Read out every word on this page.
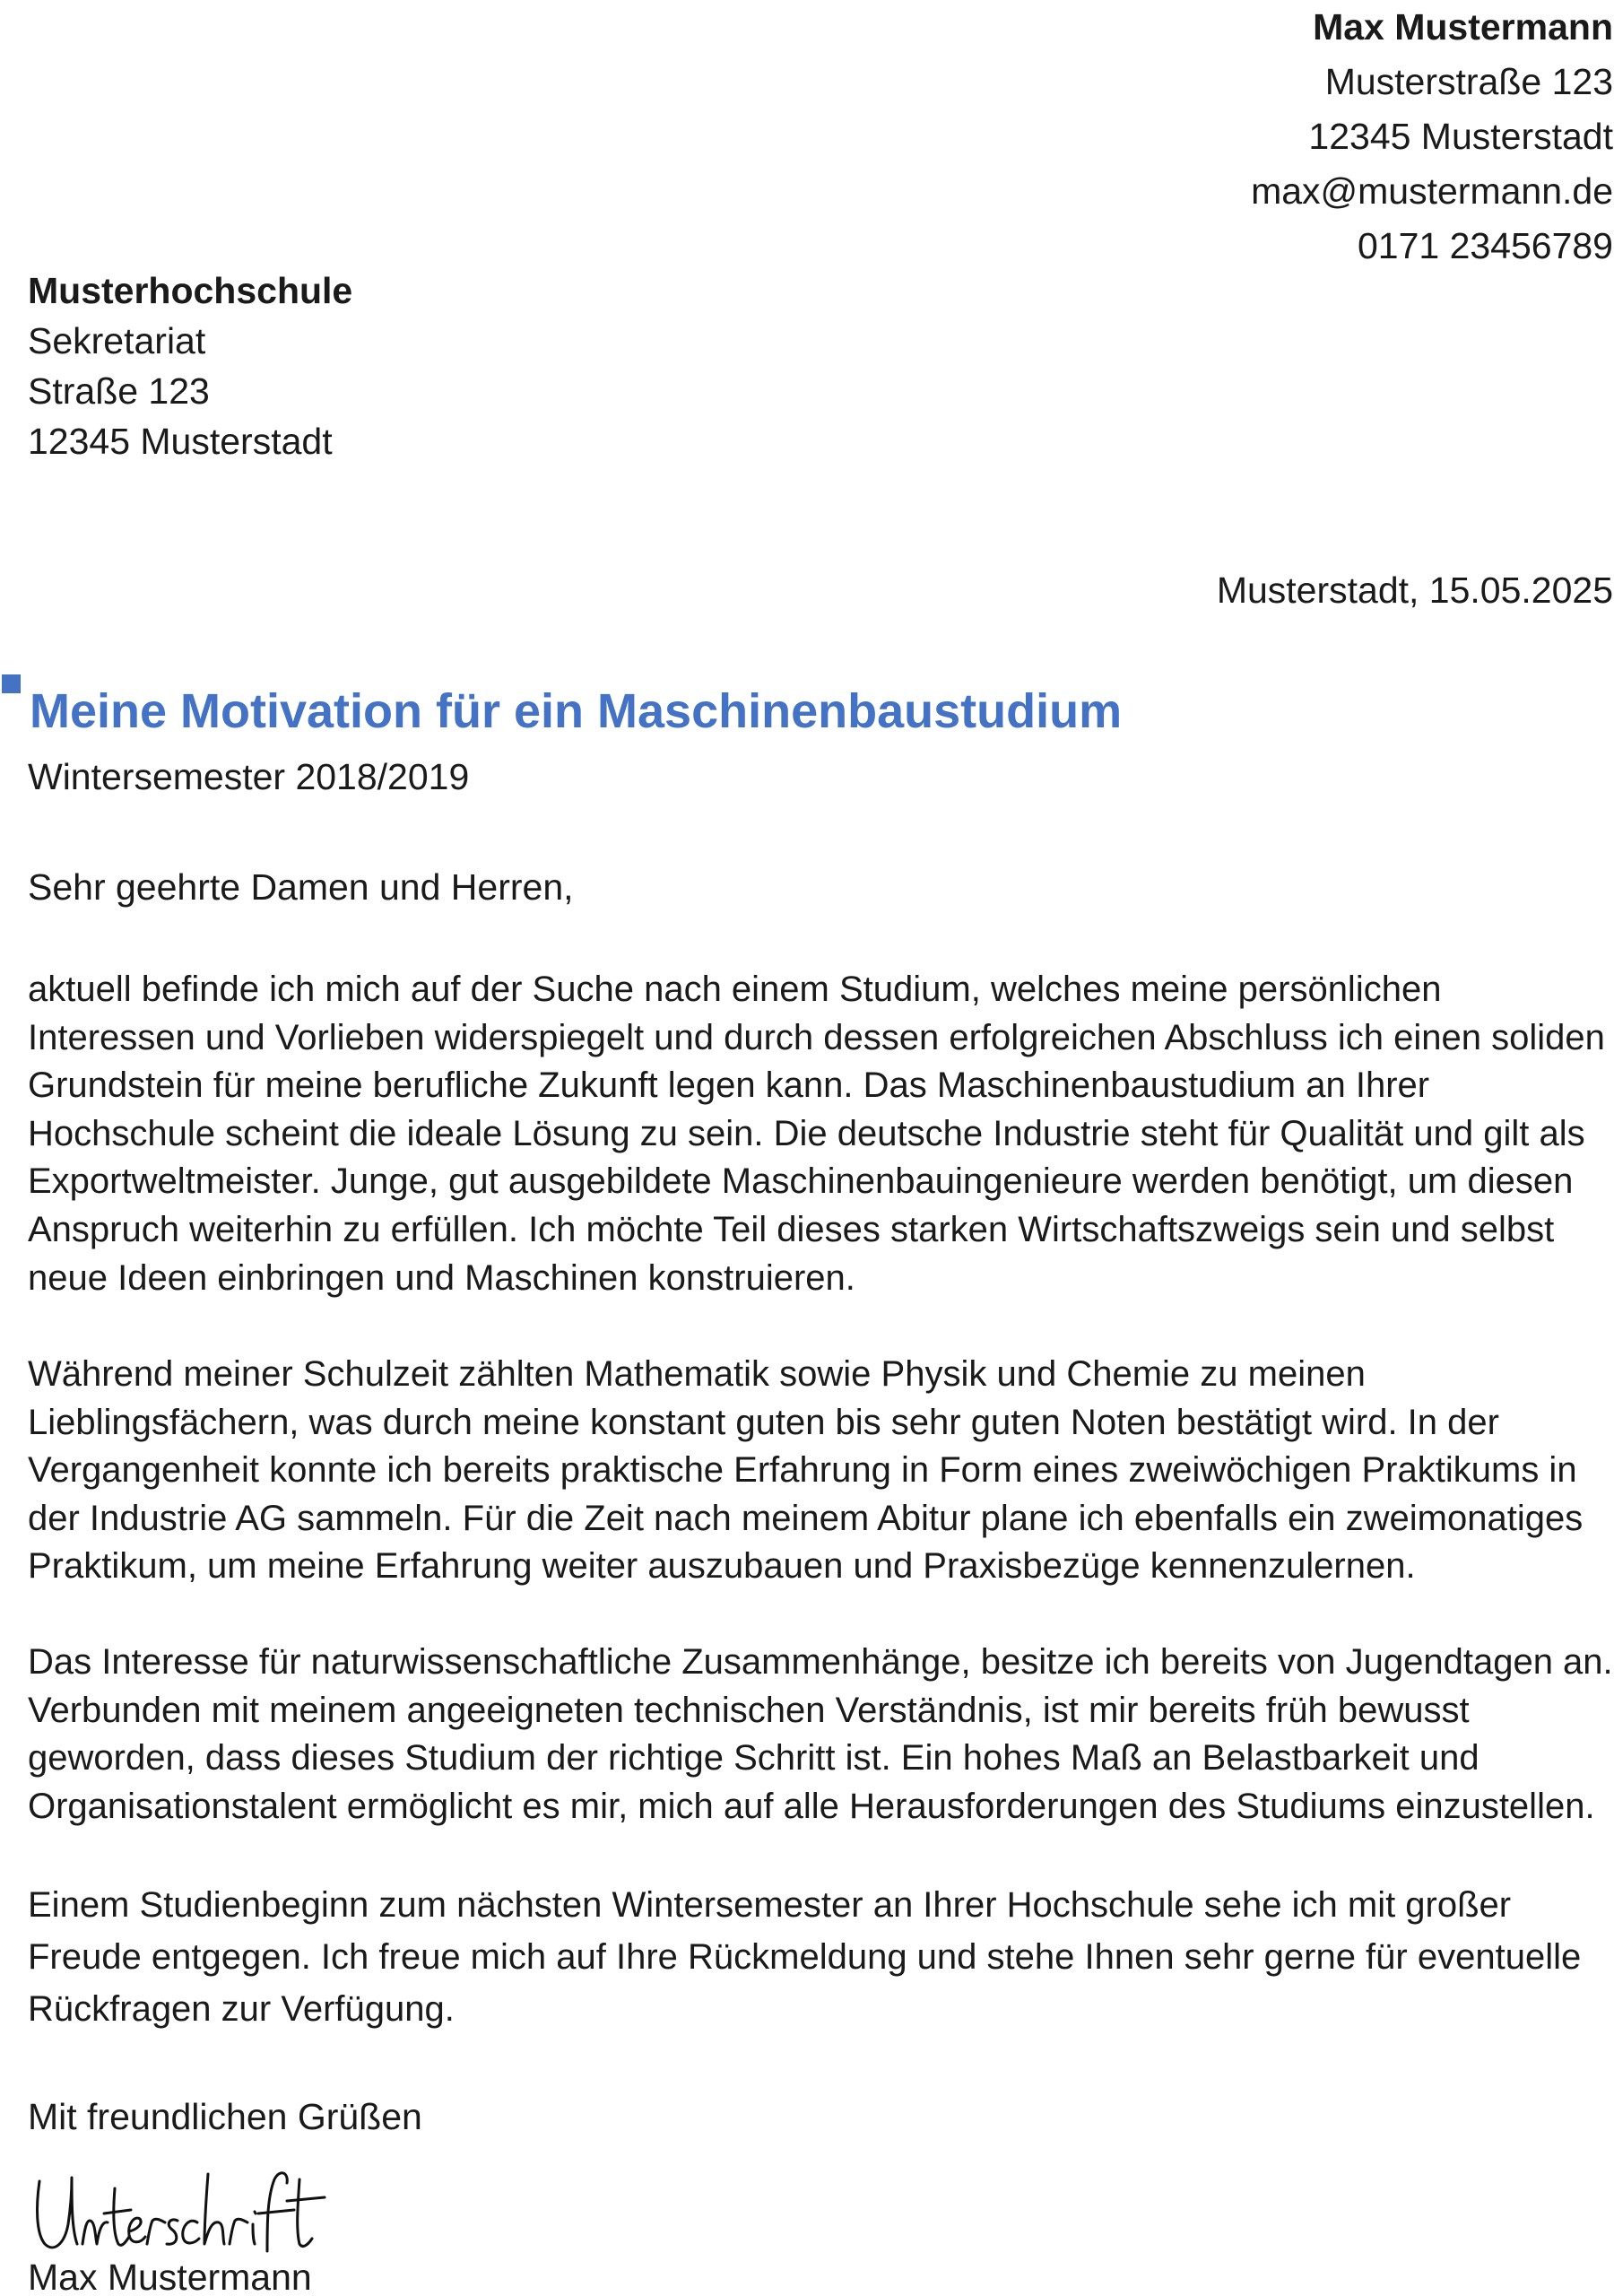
Max Mustermann
Musterstraße 123
12345 Musterstadt
max@mustermann.de
0171 23456789
Musterhochschule
Sekretariat
Straße 123
12345 Musterstadt
Musterstadt, 15.05.2025
Meine Motivation für ein Maschinenbaustudium
Wintersemester 2018/2019
Sehr geehrte Damen und Herren,
aktuell befinde ich mich auf der Suche nach einem Studium, welches meine persönlichen
Interessen und Vorlieben widerspiegelt und durch dessen erfolgreichen Abschluss ich einen soliden
Grundstein für meine berufliche Zukunft legen kann. Das Maschinenbaustudium an Ihrer
Hochschule scheint die ideale Lösung zu sein. Die deutsche Industrie steht für Qualität und gilt als
Exportweltmeister. Junge, gut ausgebildete Maschinenbauingenieure werden benötigt, um diesen
Anspruch weiterhin zu erfüllen. Ich möchte Teil dieses starken Wirtschaftszweigs sein und selbst
neue Ideen einbringen und Maschinen konstruieren.
Während meiner Schulzeit zählten Mathematik sowie Physik und Chemie zu meinen
Lieblingsfächern, was durch meine konstant guten bis sehr guten Noten bestätigt wird. In der
Vergangenheit konnte ich bereits praktische Erfahrung in Form eines zweiwöchigen Praktikums in
der Industrie AG sammeln. Für die Zeit nach meinem Abitur plane ich ebenfalls ein zweimonatiges
Praktikum, um meine Erfahrung weiter auszubauen und Praxisbezüge kennenzulernen.
Das Interesse für naturwissenschaftliche Zusammenhänge, besitze ich bereits von Jugendtagen an.
Verbunden mit meinem angeeigneten technischen Verständnis, ist mir bereits früh bewusst
geworden, dass dieses Studium der richtige Schritt ist. Ein hohes Maß an Belastbarkeit und
Organisationstalent ermöglicht es mir, mich auf alle Herausforderungen des Studiums einzustellen.
Einem Studienbeginn zum nächsten Wintersemester an Ihrer Hochschule sehe ich mit großer
Freude entgegen. Ich freue mich auf Ihre Rückmeldung und stehe Ihnen sehr gerne für eventuelle
Rückfragen zur Verfügung.
Mit freundlichen Grüßen
Max Mustermann
